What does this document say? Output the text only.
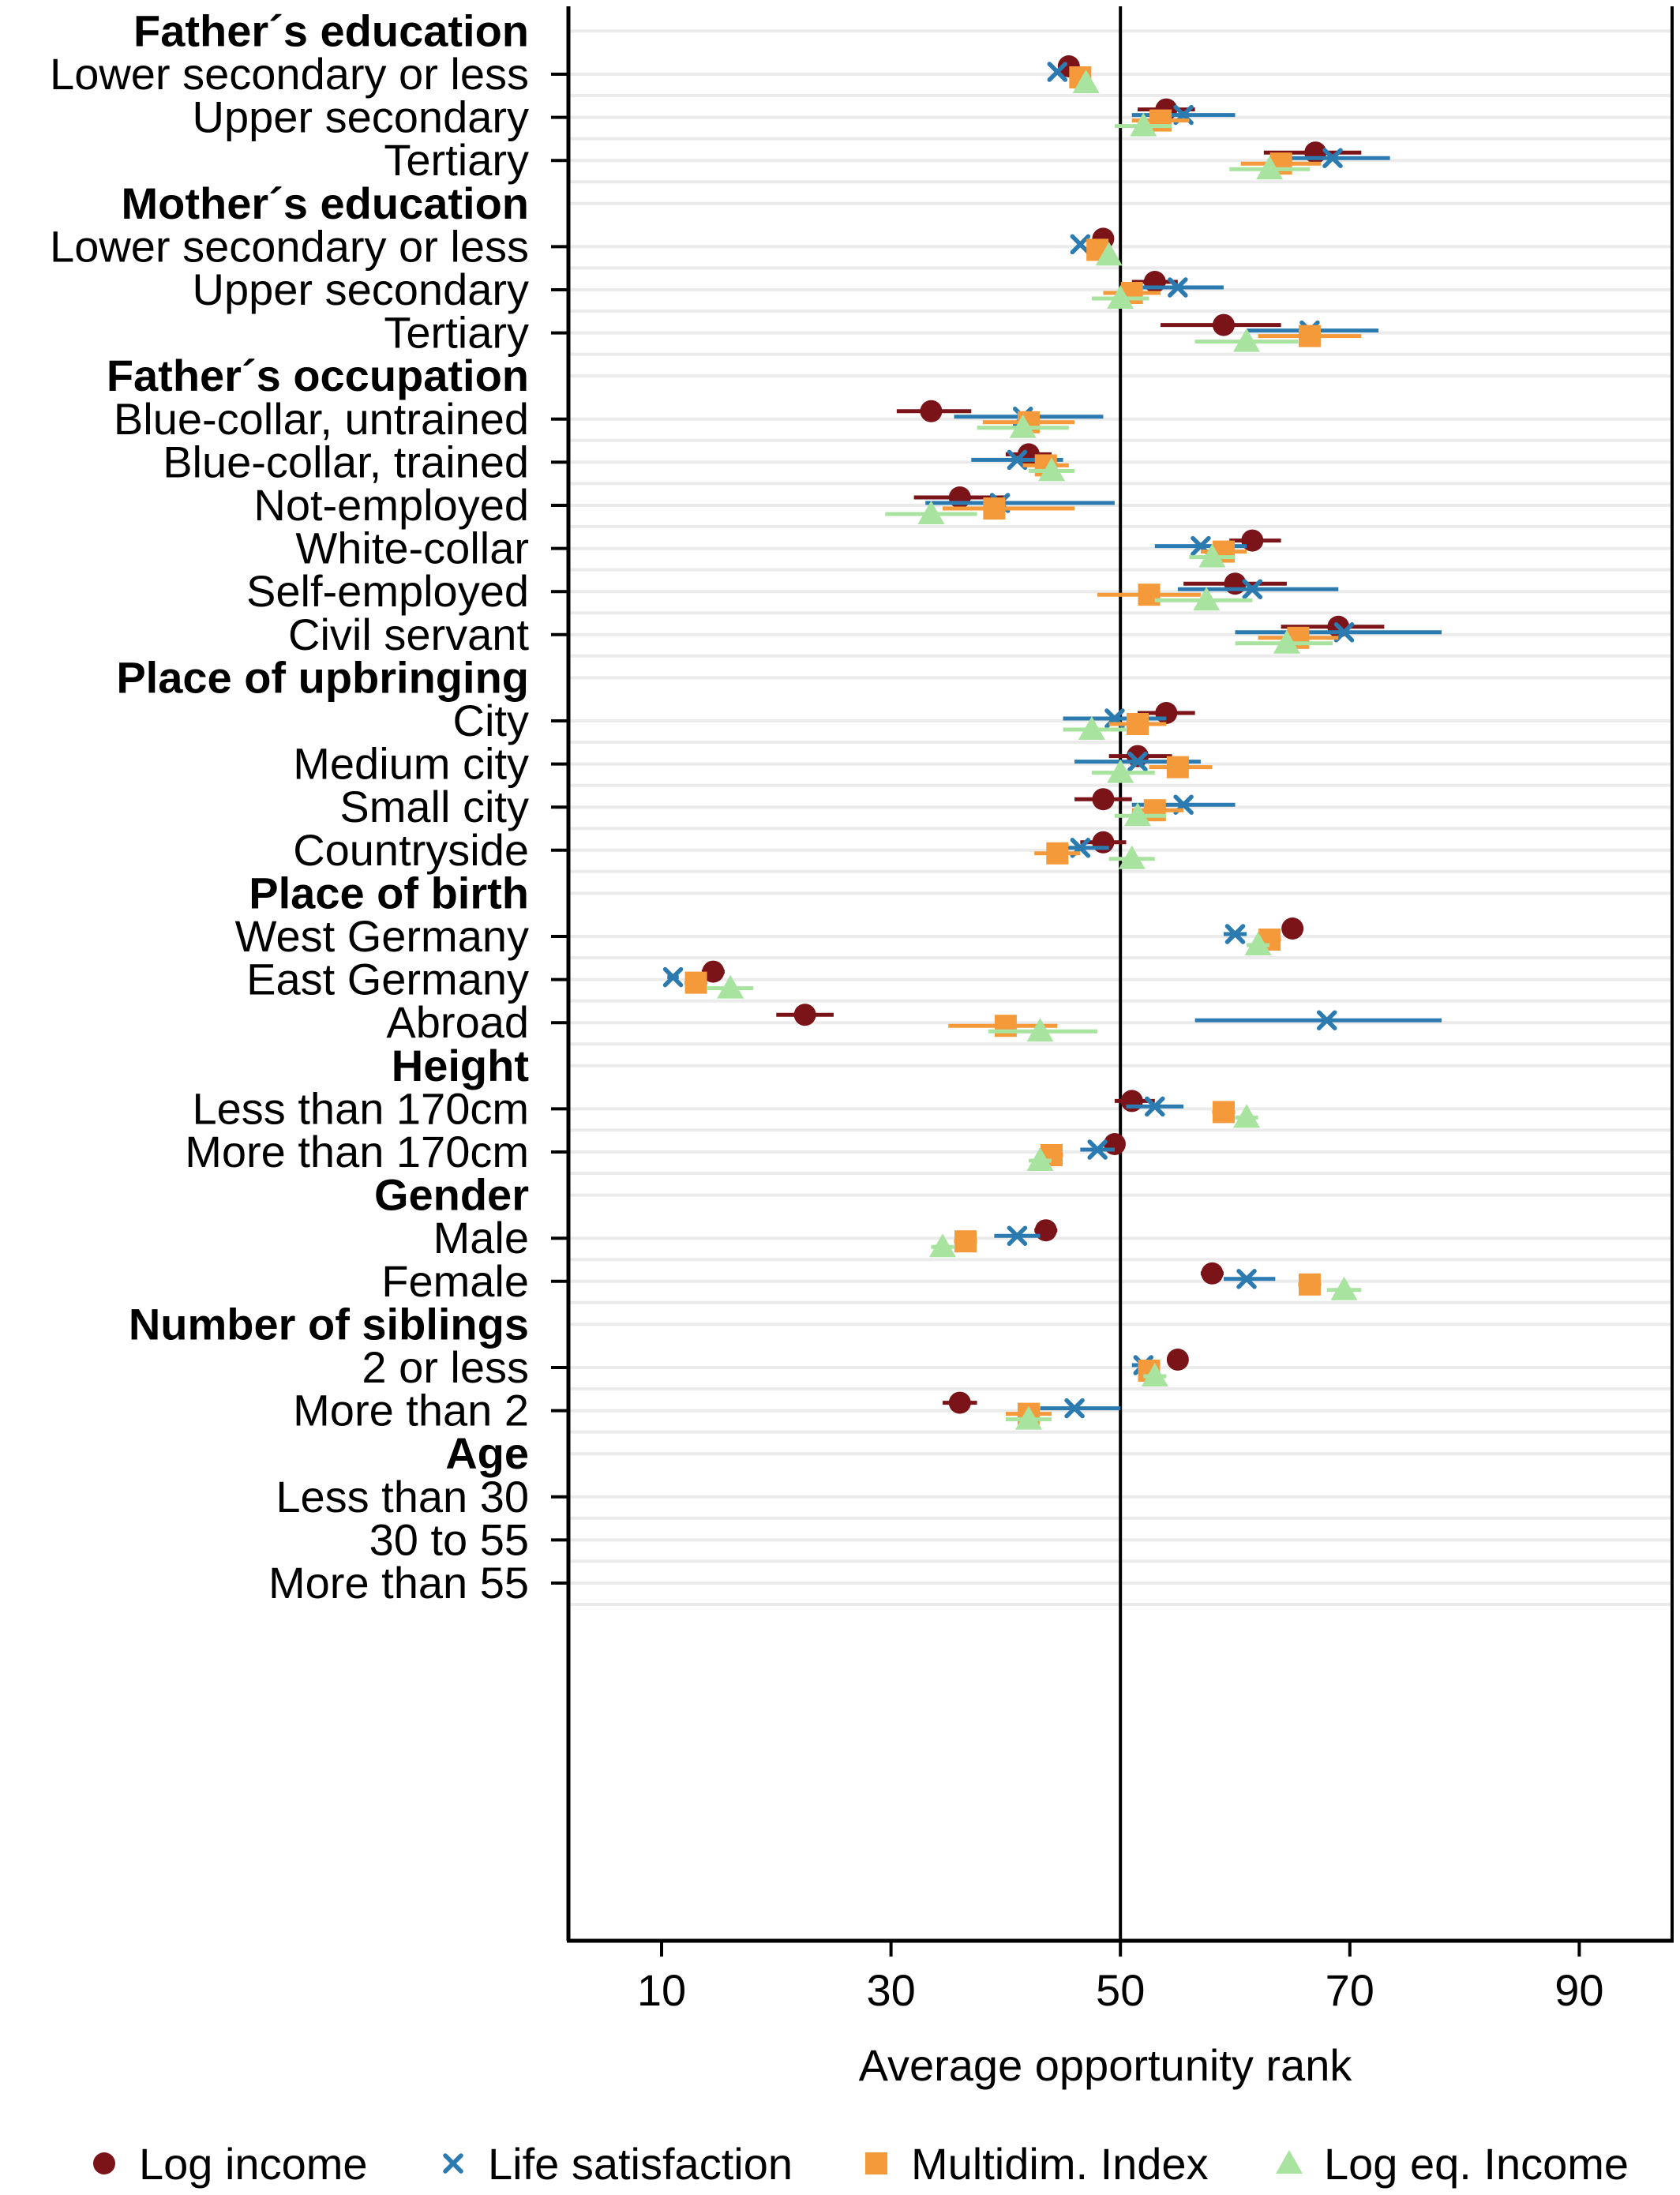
10	30	50	70	90
Father´s education
Lower secondary or less
Upper secondary
Tertiary
Mother´s education
Lower secondary or less
Upper secondary
Tertiary
Father´s occupation
Blue-collar, untrained
Blue-collar, trained
Not-employed
White-collar
Self-employed
Civil servant
Place of upbringing
City
Medium city
Small city
Countryside
Place of birth
West Germany
East Germany
Abroad
Height
Less than 170cm
More than 170cm
Gender
Male
Female
Number of siblings
2 or less
More than 2
Age
Less than 30
30 to 55
More than 55
Average opportunity rank
Log income	Life satisfaction	Multidim. Index	Log eq. Income
